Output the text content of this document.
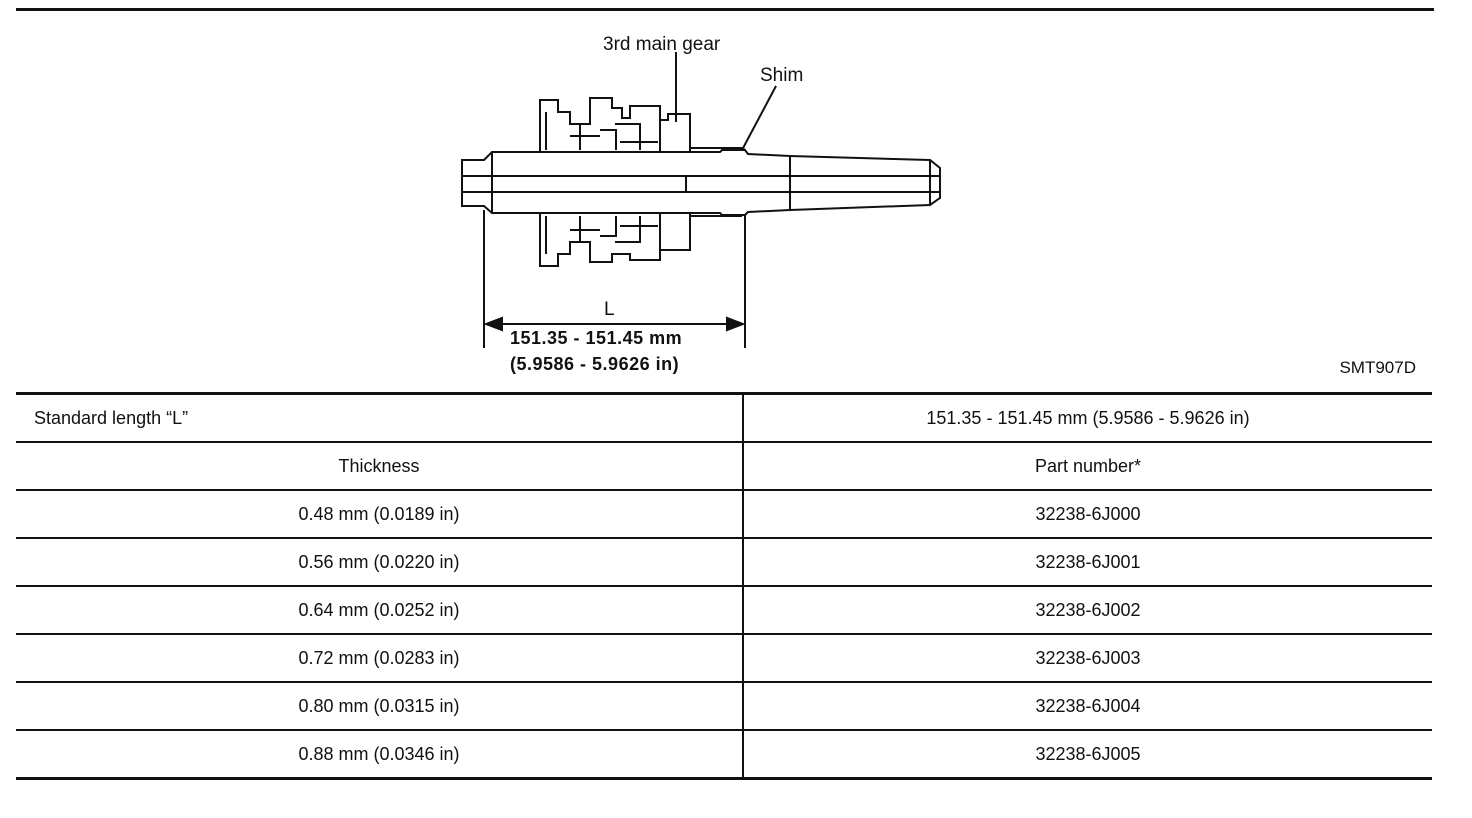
3rd main gear
Shim
L
151.35 - 151.45 mm
(5.9586 - 5.9626 in)	SMT907D
Standard length “L”	151.35 - 151.45 mm (5.9586 - 5.9626 in)
Thickness	Part number*
0.48 mm (0.0189 in)	32238-6J000
0.56 mm (0.0220 in)	32238-6J001
0.64 mm (0.0252 in)	32238-6J002
0.72 mm (0.0283 in)	32238-6J003
0.80 mm (0.0315 in)	32238-6J004
0.88 mm (0.0346 in)	32238-6J005
